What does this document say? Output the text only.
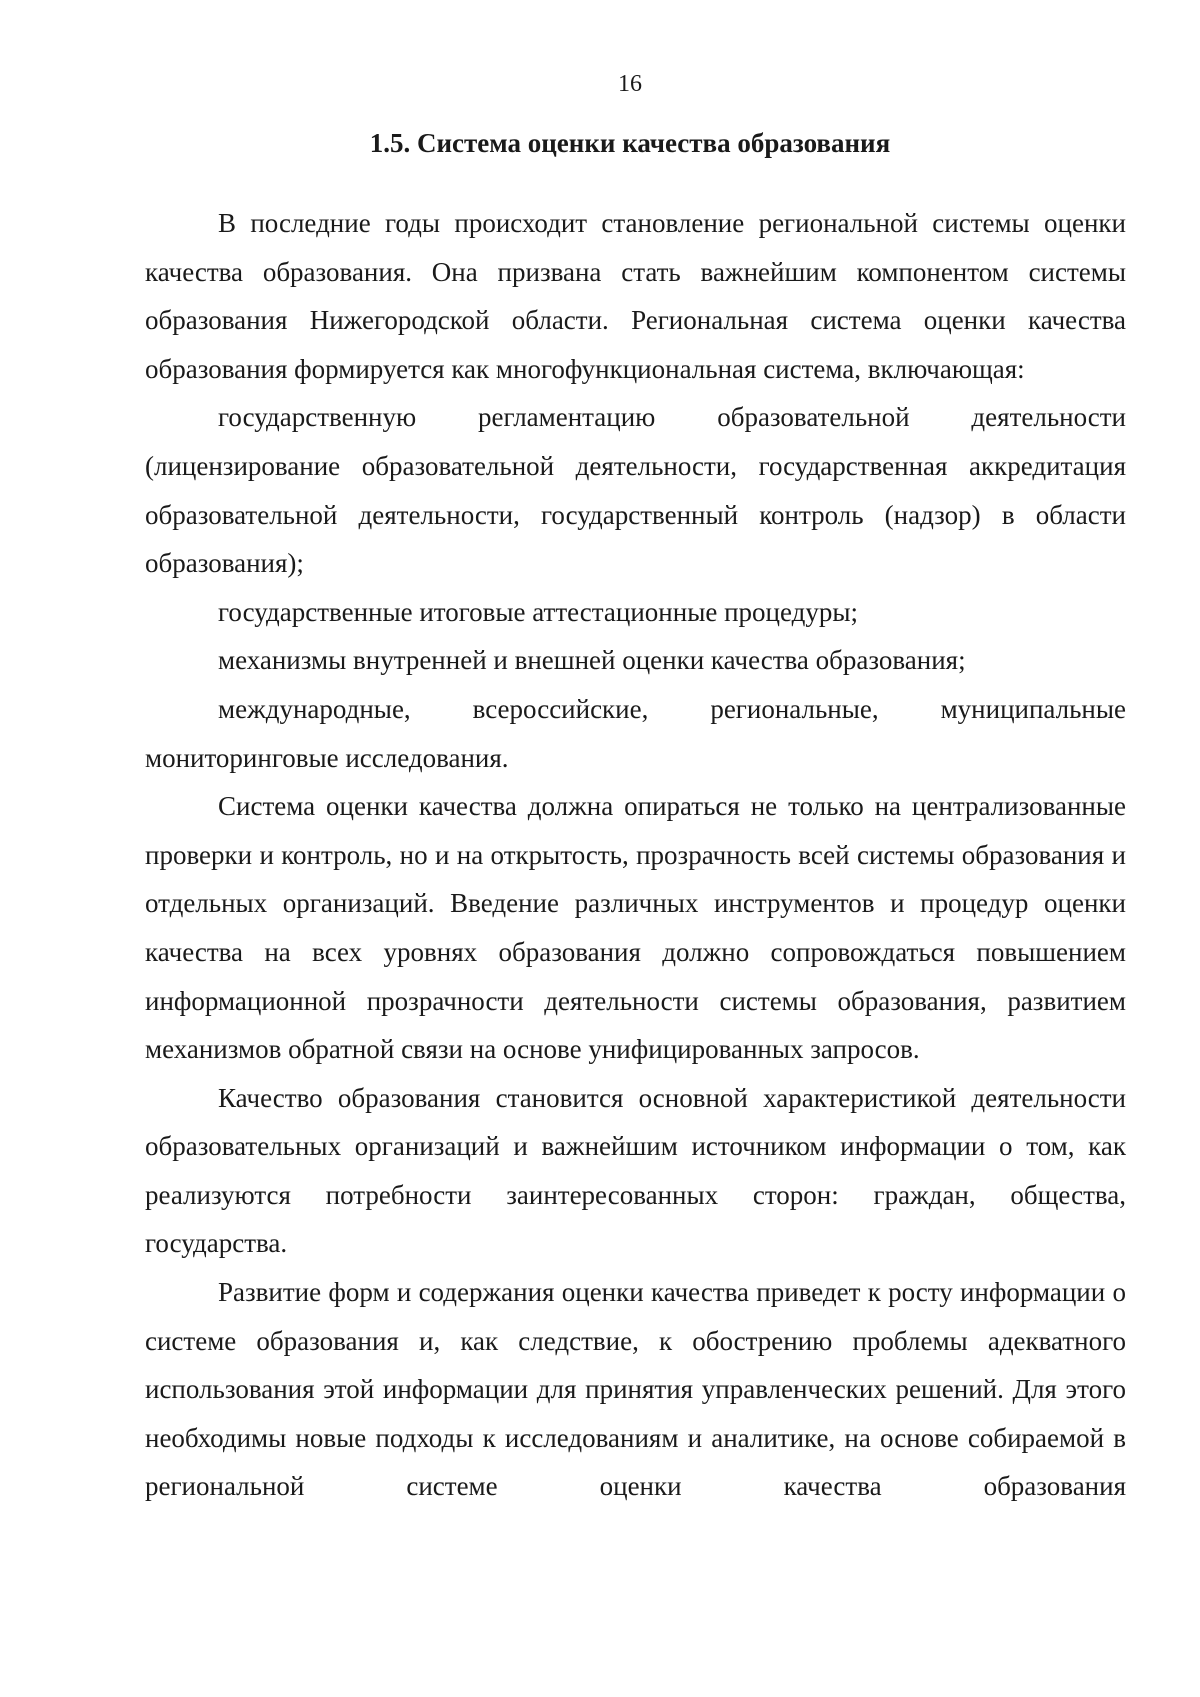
16
1.5. Система оценки качества образования

В последние годы происходит становление региональной системы оценки качества образования. Она призвана стать важнейшим компонентом системы образования Нижегородской области. Региональная система оценки качества образования формируется как многофункциональная система, включающая:

государственную регламентацию образовательной деятельности (лицензирование образовательной деятельности, государственная аккредитация образовательной деятельности, государственный контроль (надзор) в области образования);

государственные итоговые аттестационные процедуры;

механизмы внутренней и внешней оценки качества образования;

международные, всероссийские, региональные, муниципальные мониторинговые исследования.

Система оценки качества должна опираться не только на централизованные проверки и контроль, но и на открытость, прозрачность всей системы образования и отдельных организаций. Введение различных инструментов и процедур оценки качества на всех уровнях образования должно сопровождаться повышением информационной прозрачности деятельности системы образования, развитием механизмов обратной связи на основе унифицированных запросов.

Качество образования становится основной характеристикой деятельности образовательных организаций и важнейшим источником информации о том, как реализуются потребности заинтересованных сторон: граждан, общества, государства.

Развитие форм и содержания оценки качества приведет к росту информации о системе образования и, как следствие, к обострению проблемы адекватного использования этой информации для принятия управленческих решений. Для этого необходимы новые подходы к исследованиям и аналитике, на основе собираемой в региональной системе оценки качества образования
